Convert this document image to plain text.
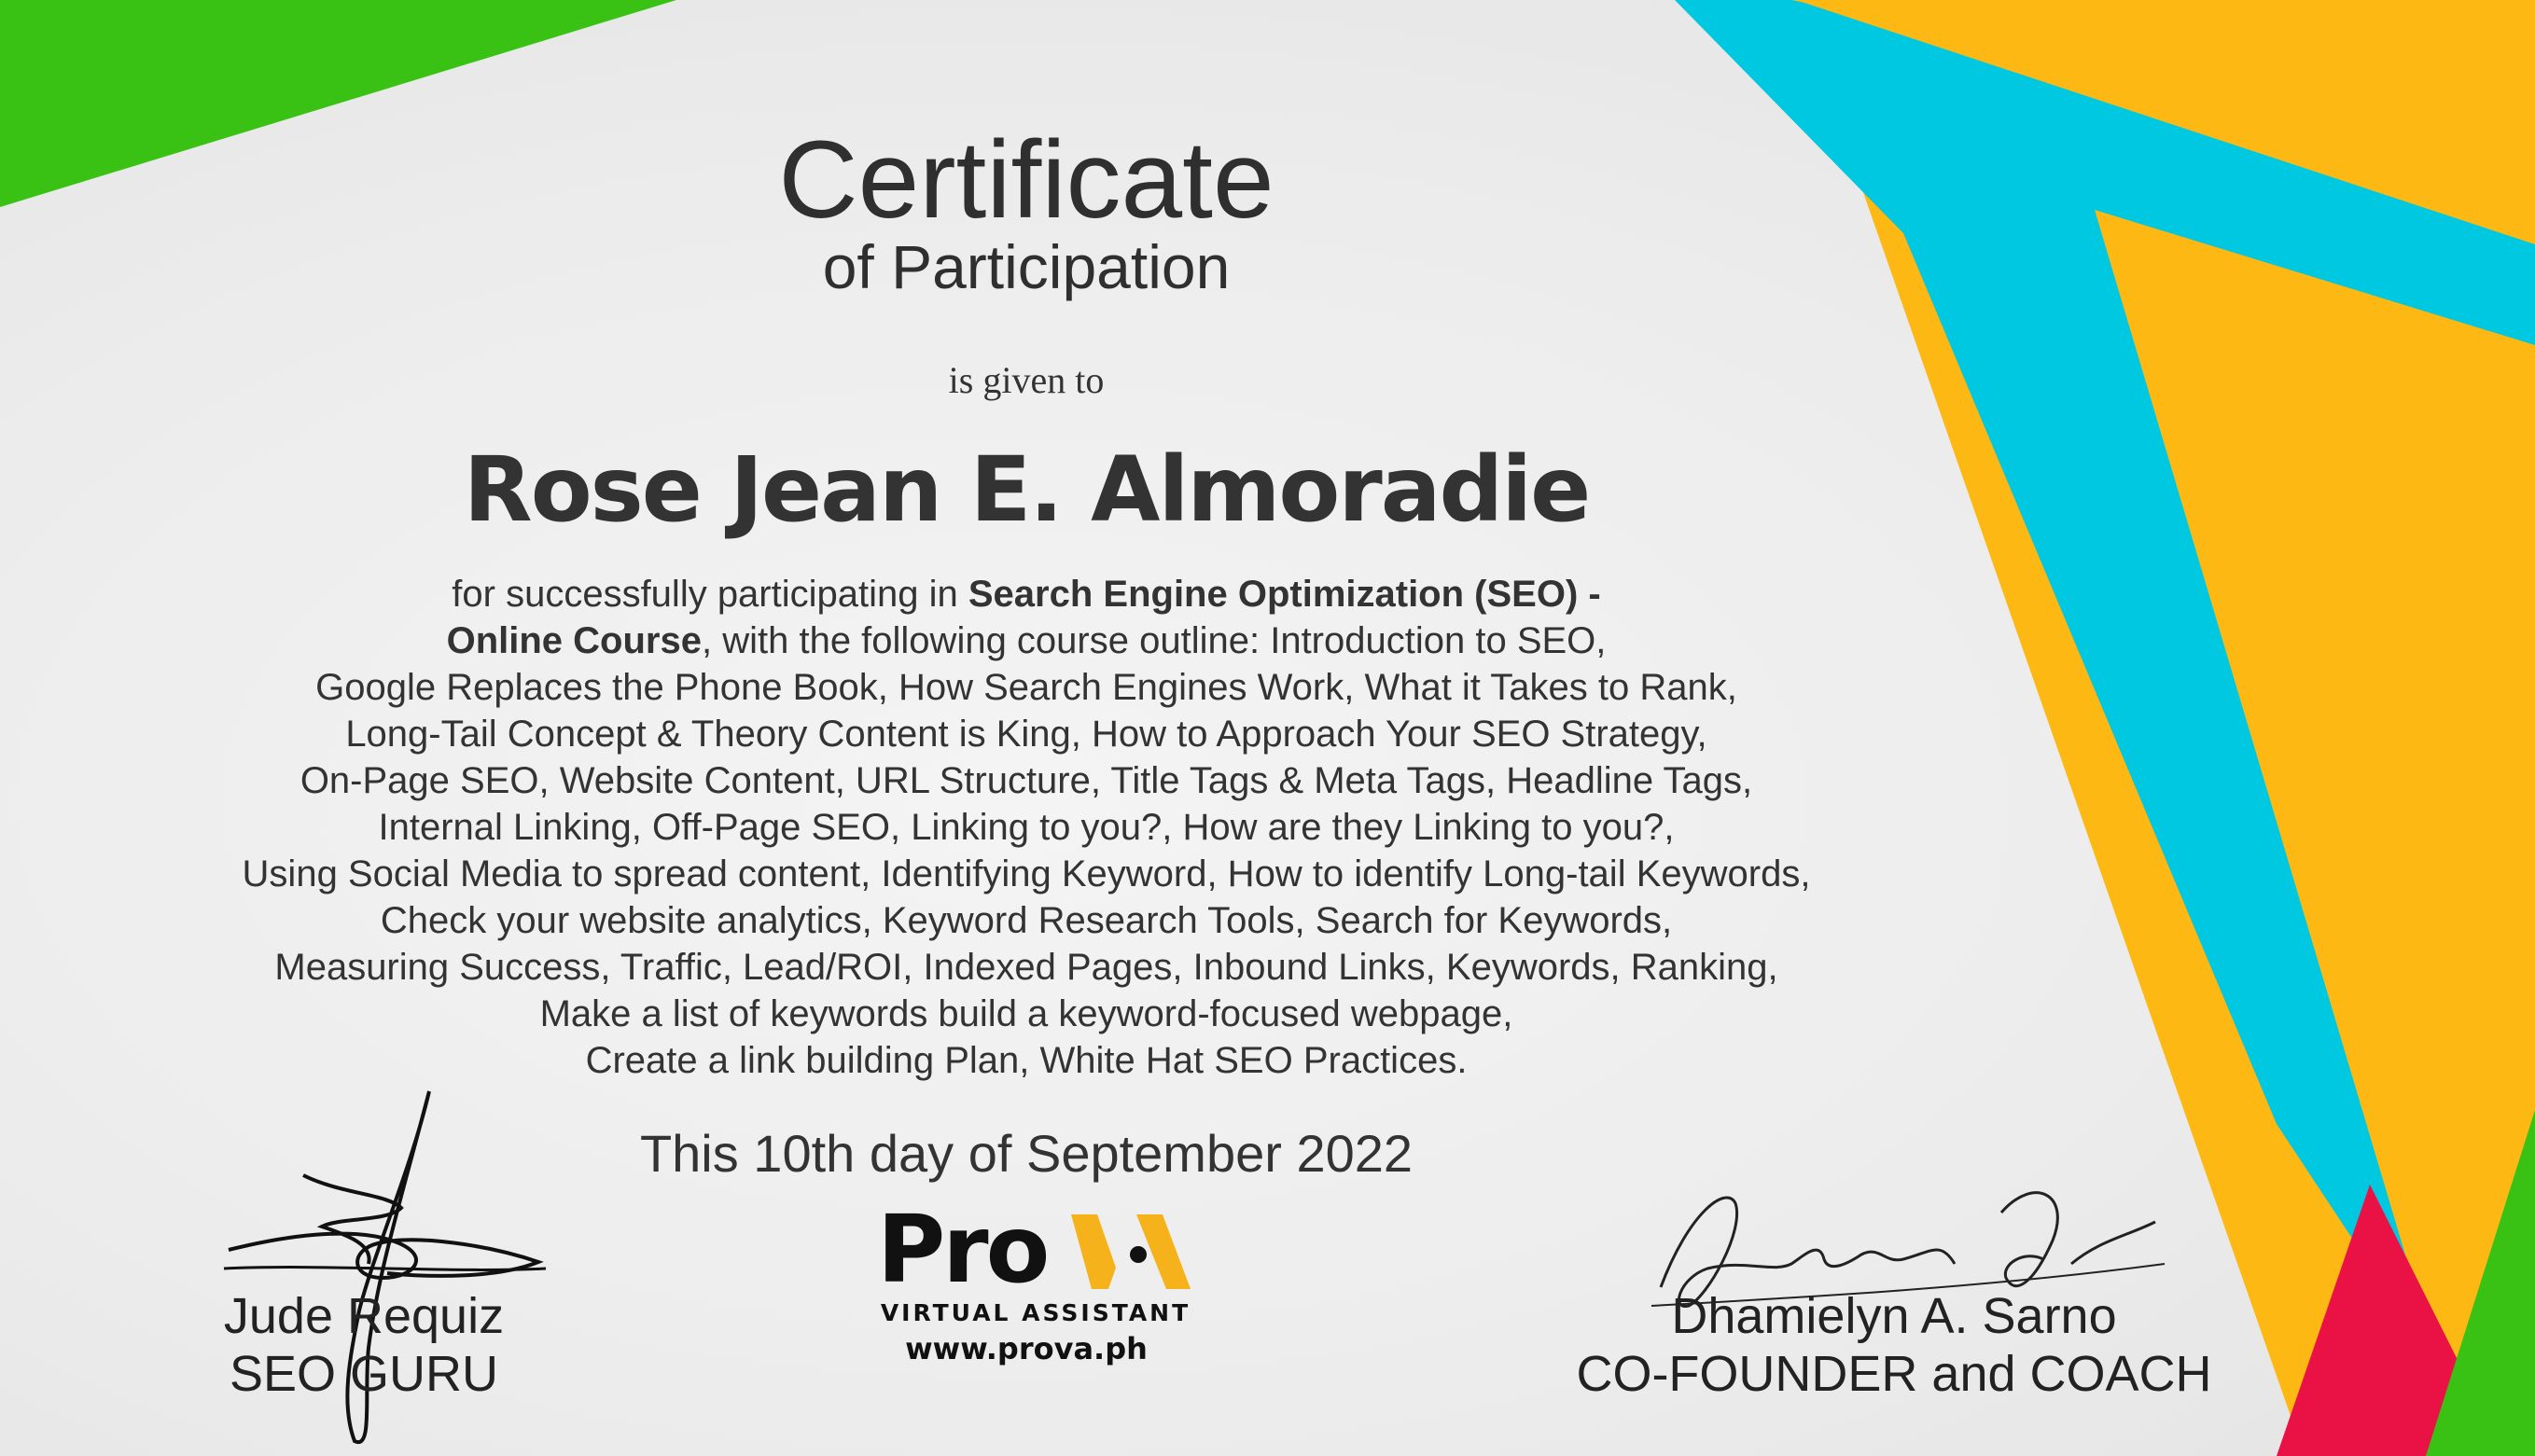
Certificate
of Participation
is given to
Rose Jean E. Almoradie
for successfully participating in Search Engine Optimization (SEO) -
Online Course, with the following course outline: Introduction to SEO,
Google Replaces the Phone Book, How Search Engines Work, What it Takes to Rank,
Long-Tail Concept & Theory Content is King, How to Approach Your SEO Strategy,
On-Page SEO, Website Content, URL Structure, Title Tags & Meta Tags, Headline Tags,
Internal Linking, Off-Page SEO, Linking to you?, How are they Linking to you?,
Using Social Media to spread content, Identifying Keyword, How to identify Long-tail Keywords,
Check your website analytics, Keyword Research Tools, Search for Keywords,
Measuring Success, Traffic, Lead/ROI, Indexed Pages, Inbound Links, Keywords, Ranking,
Make a list of keywords build a keyword-focused webpage,
Create a link building Plan, White Hat SEO Practices.
This 10th day of September 2022
Jude Requiz
SEO GURU
Dhamielyn A. Sarno
CO-FOUNDER and COACH
Pro
VIRTUAL ASSISTANT
www.prova.ph
